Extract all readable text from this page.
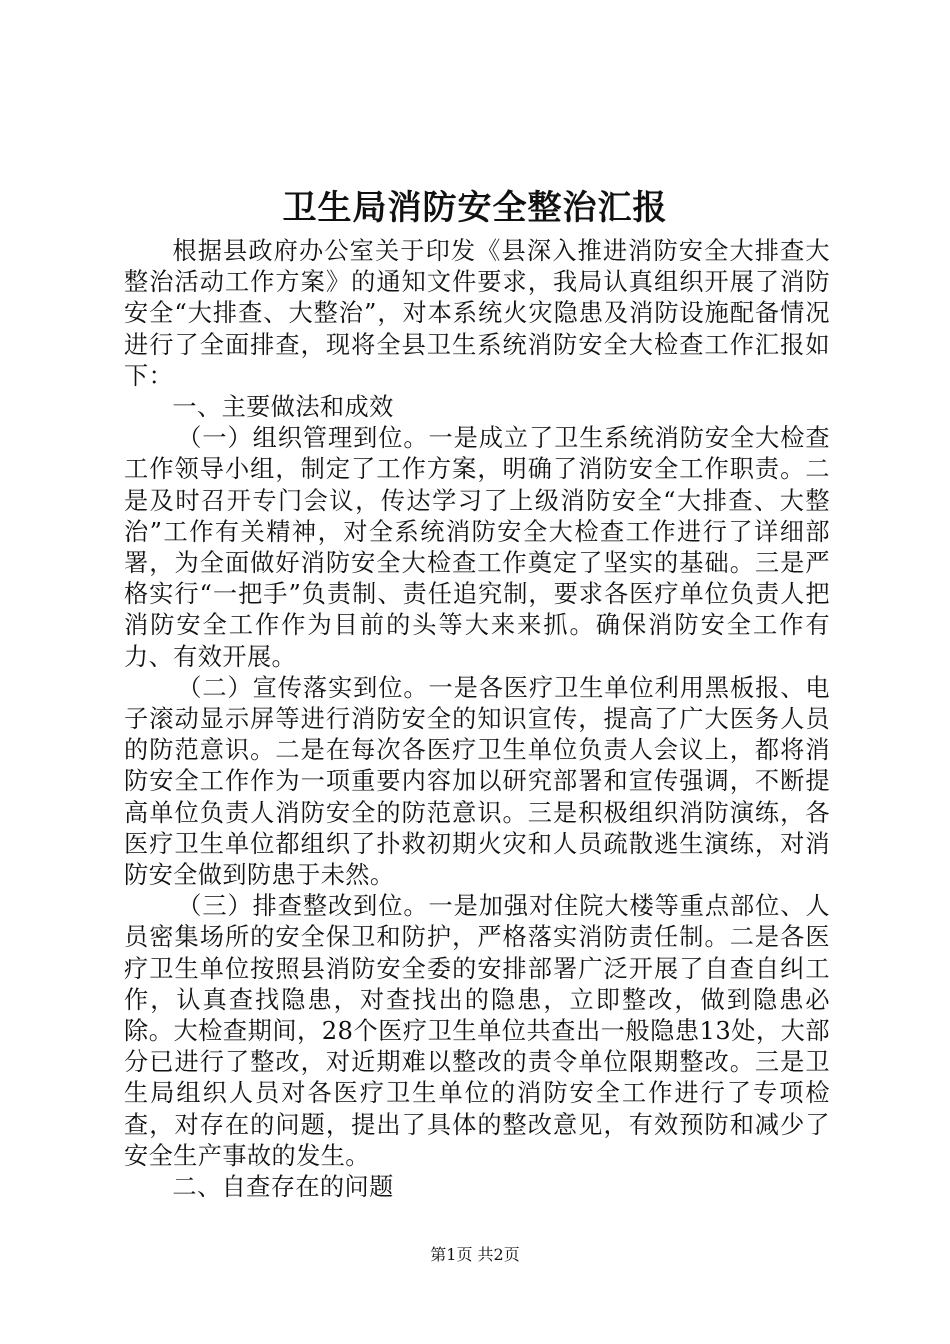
卫生局消防安全整治汇报

根据县政府办公室关于印发《县深入推进消防安全大排查大整治活动工作方案》的通知文件要求，我局认真组织开展了消防安全“大排查、大整治”，对本系统火灾隐患及消防设施配备情况进行了全面排查，现将全县卫生系统消防安全大检查工作汇报如下：

一、主要做法和成效

（一）组织管理到位。一是成立了卫生系统消防安全大检查工作领导小组，制定了工作方案，明确了消防安全工作职责。二是及时召开专门会议，传达学习了上级消防安全“大排查、大整治”工作有关精神，对全系统消防安全大检查工作进行了详细部署，为全面做好消防安全大检查工作奠定了坚实的基础。三是严格实行“一把手”负责制、责任追究制，要求各医疗单位负责人把消防安全工作作为目前的头等大来来抓。确保消防安全工作有力、有效开展。

（二）宣传落实到位。一是各医疗卫生单位利用黑板报、电子滚动显示屏等进行消防安全的知识宣传，提高了广大医务人员的防范意识。二是在每次各医疗卫生单位负责人会议上，都将消防安全工作作为一项重要内容加以研究部署和宣传强调，不断提高单位负责人消防安全的防范意识。三是积极组织消防演练，各医疗卫生单位都组织了扑救初期火灾和人员疏散逃生演练，对消防安全做到防患于未然。

（三）排查整改到位。一是加强对住院大楼等重点部位、人员密集场所的安全保卫和防护，严格落实消防责任制。二是各医疗卫生单位按照县消防安全委的安排部署广泛开展了自查自纠工作，认真查找隐患，对查找出的隐患，立即整改，做到隐患必除。大检查期间，28个医疗卫生单位共查出一般隐患13处，大部分已进行了整改，对近期难以整改的责令单位限期整改。三是卫生局组织人员对各医疗卫生单位的消防安全工作进行了专项检查，对存在的问题，提出了具体的整改意见，有效预防和减少了安全生产事故的发生。

二、自查存在的问题

第1页 共2页
